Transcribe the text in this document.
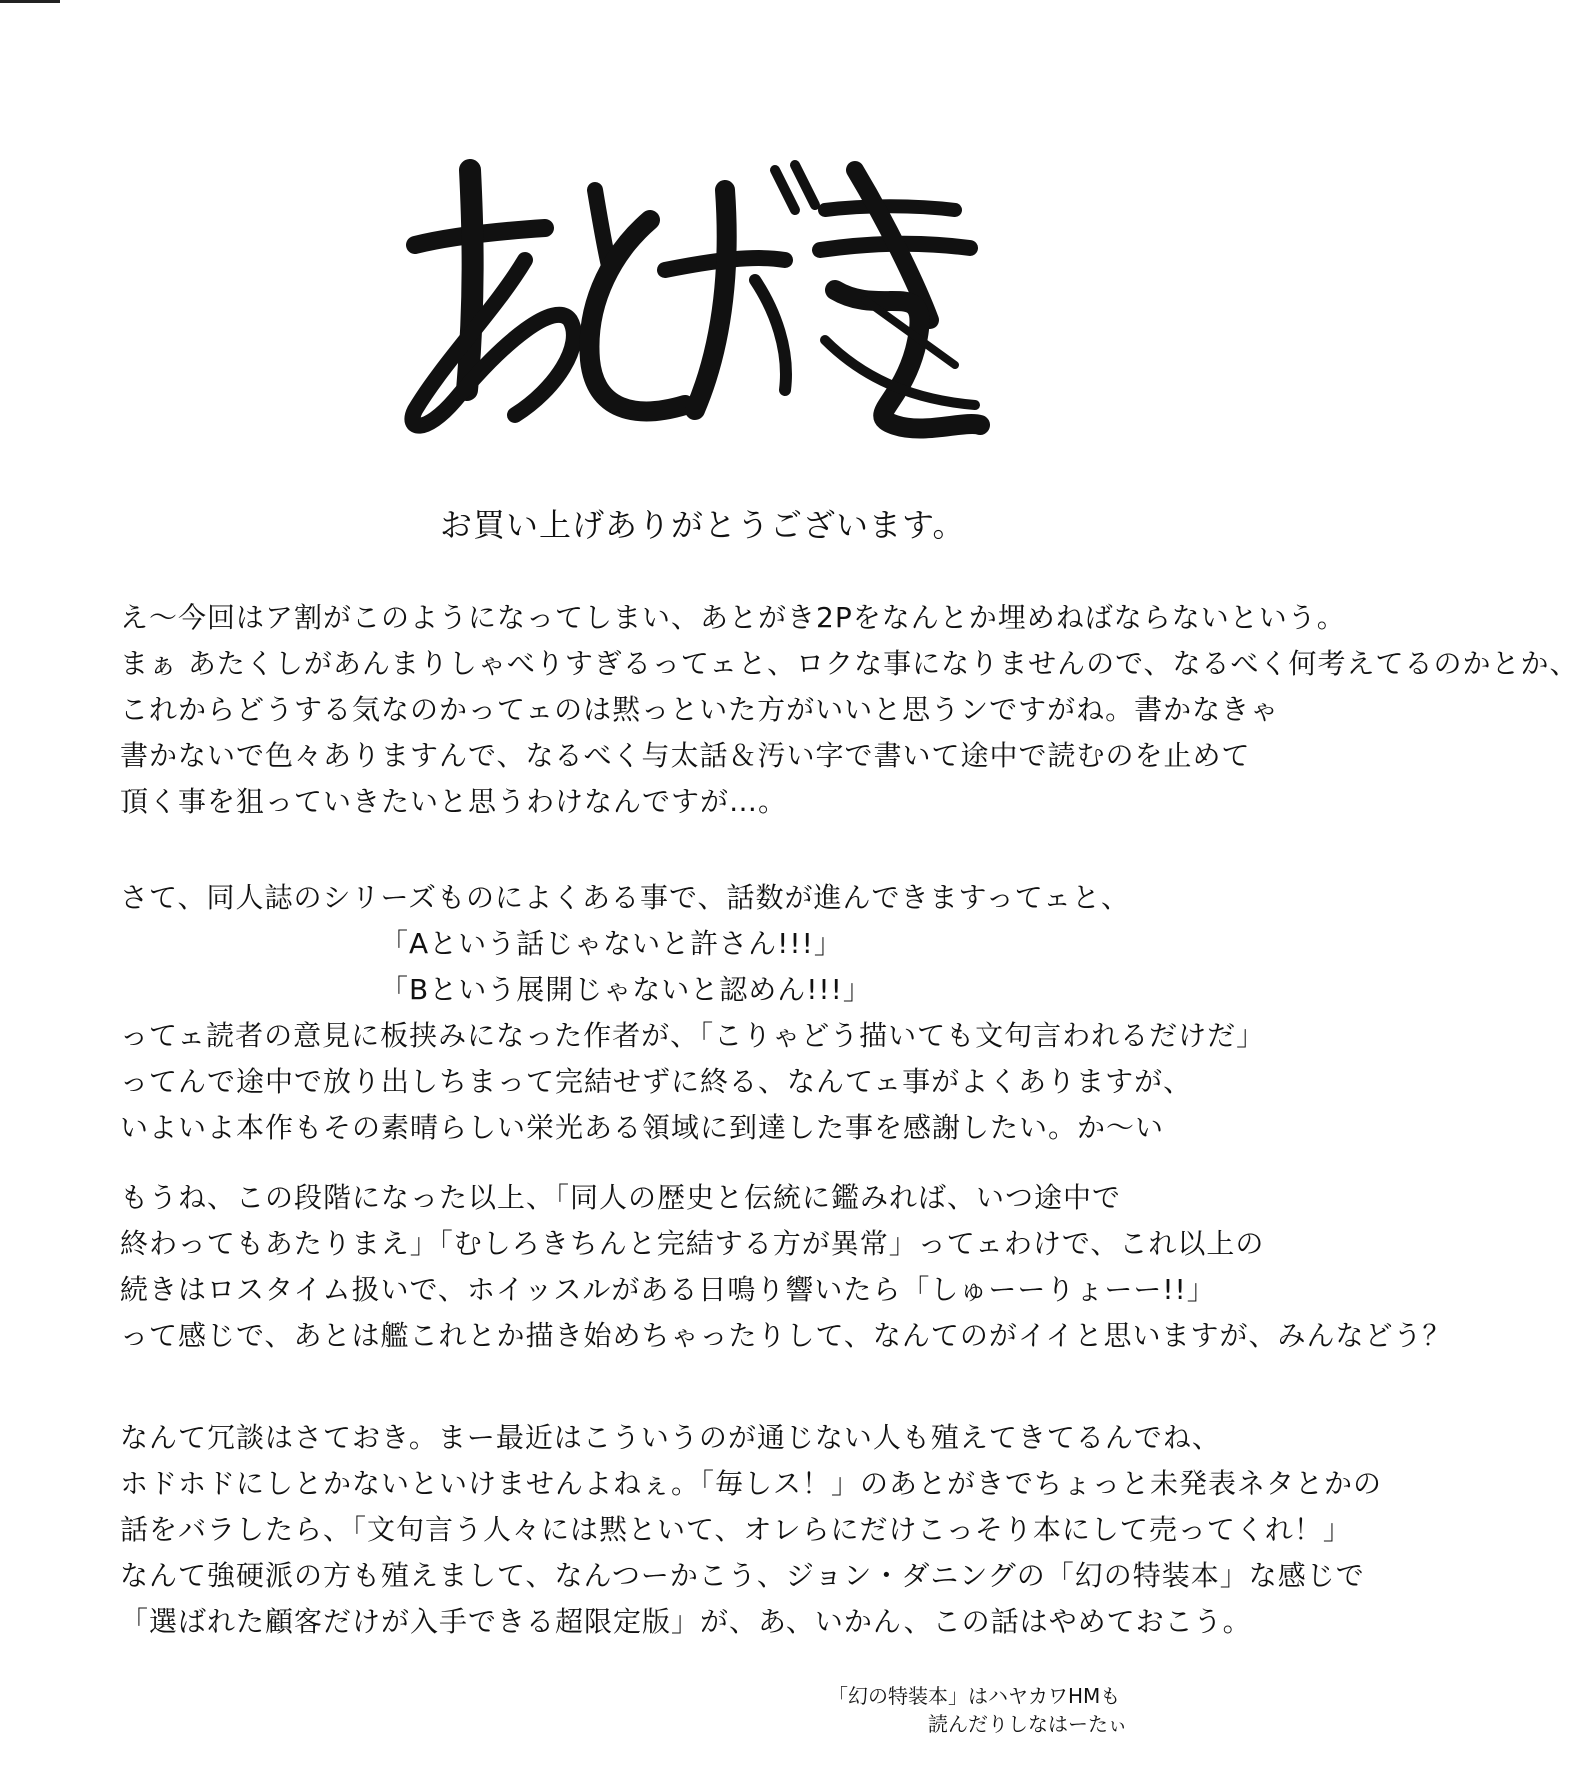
お買い上げありがとうございます。
え～今回はア割がこのようになってしまい、あとがき2Pをなんとか埋めねばならないという。
まぁ あたくしがあんまりしゃべりすぎるってェと、ロクな事になりませんので、なるべく何考えてるのかとか、
これからどうする気なのかってェのは黙っといた方がいいと思うンですがね。書かなきゃ
書かないで色々ありますんで、なるべく与太話＆汚い字で書いて途中で読むのを止めて
頂く事を狙っていきたいと思うわけなんですが…。
さて、同人誌のシリーズものによくある事で、話数が進んできますってェと、
「Aという話じゃないと許さん!!!」
「Bという展開じゃないと認めん!!!」
ってェ読者の意見に板挟みになった作者が、「こりゃどう描いても文句言われるだけだ」
ってんで途中で放り出しちまって完結せずに終る、なんてェ事がよくありますが、
いよいよ本作もその素晴らしい栄光ある領域に到達した事を感謝したい。か～い
もうね、この段階になった以上、「同人の歴史と伝統に鑑みれば、いつ途中で
終わってもあたりまえ」「むしろきちんと完結する方が異常」ってェわけで、これ以上の
続きはロスタイム扱いで、ホイッスルがある日鳴り響いたら「しゅーーりょーー!!」
って感じで、あとは艦これとか描き始めちゃったりして、なんてのがイイと思いますが、みんなどう？
なんて冗談はさておき。まー最近はこういうのが通じない人も殖えてきてるんでね、
ホドホドにしとかないといけませんよねぇ。「毎しス！」のあとがきでちょっと未発表ネタとかの
話をバラしたら、「文句言う人々には黙といて、オレらにだけこっそり本にして売ってくれ！」
なんて強硬派の方も殖えまして、なんつーかこう、ジョン・ダニングの「幻の特装本」な感じで
「選ばれた顧客だけが入手できる超限定版」が、あ、いかん、この話はやめておこう。
「幻の特装本」はハヤカワHMも
読んだりしなはーたぃ
